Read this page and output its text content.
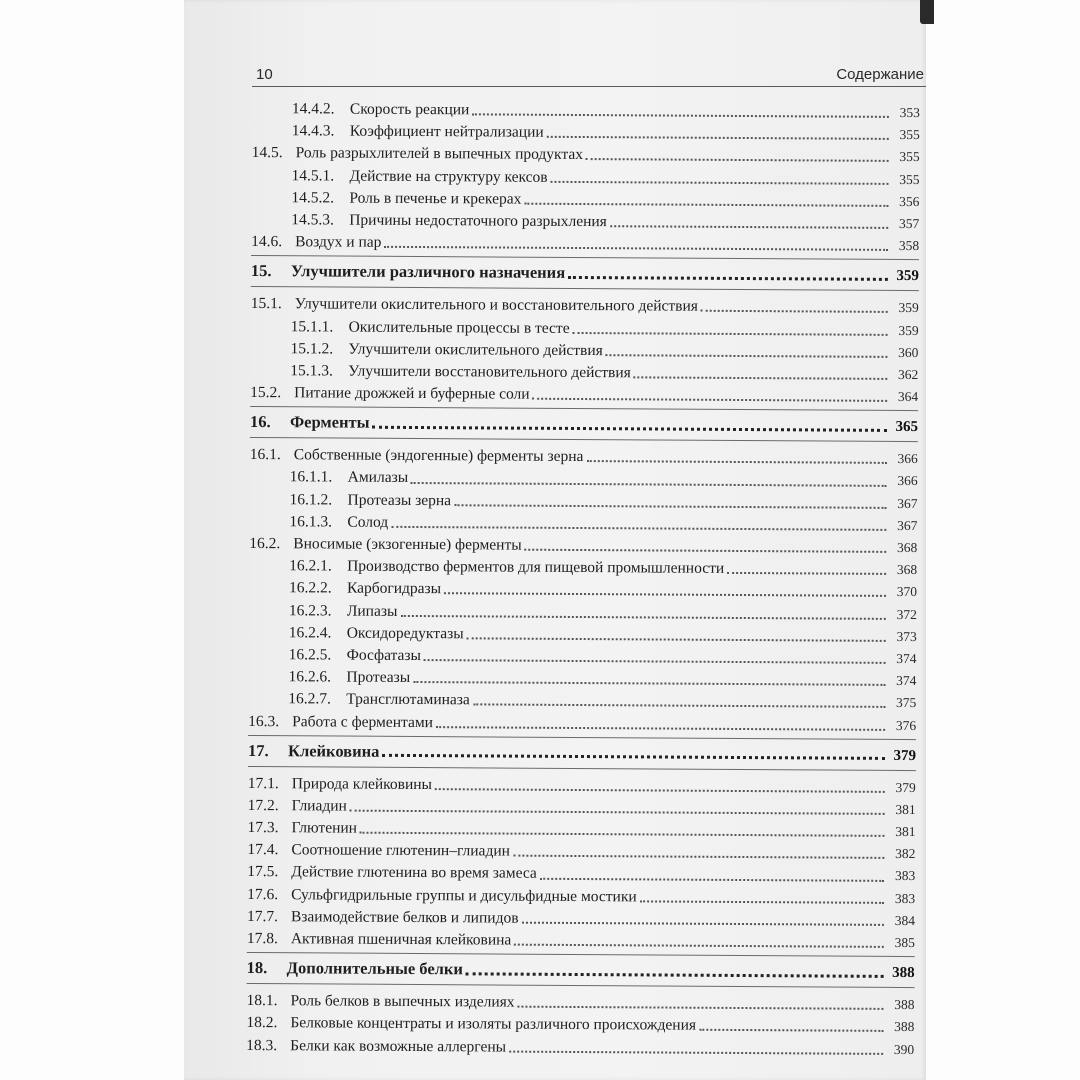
10	Содержание
14.4.2. Скорость реакции	353
14.4.3. Коэффициент нейтрализации	355
14.5. Роль разрыхлителей в выпечных продуктах	355
14.5.1. Действие на структуру кексов	355
14.5.2. Роль в печенье и крекерах	356
14.5.3. Причины недостаточного разрыхления	357
14.6. Воздух и пар	358
15.	Улучшители различного назначения	359
15.1. Улучшители окислительного и восстановительного действия	359
15.1.1. Окислительные процессы в тесте	359
15.1.2. Улучшители окислительного действия	360
15.1.3. Улучшители восстановительного действия	362
15.2. Питание дрожжей и буферные соли	364
16.	Ферменты	365
16.1. Собственные (эндогенные) ферменты зерна	366
16.1.1. Амилазы	366
16.1.2. Протеазы зерна	367
16.1.3. Солод	367
16.2. Вносимые (экзогенные) ферменты	368
16.2.1. Производство ферментов для пищевой промышленности	368
16.2.2. Карбогидразы	370
16.2.3. Липазы	372
16.2.4. Оксидоредуктазы	373
16.2.5. Фосфатазы	374
16.2.6. Протеазы	374
16.2.7. Трансглютаминаза	375
16.3. Работа с ферментами	376
17.	Клейковина	379
17.1. Природа клейковины	379
17.2. Глиадин	381
17.3. Глютенин	381
17.4. Соотношение глютенин–глиадин	382
17.5. Действие глютенина во время замеса	383
17.6. Сульфгидрильные группы и дисульфидные мостики	383
17.7. Взаимодействие белков и липидов	384
17.8. Активная пшеничная клейковина	385
18.	Дополнительные белки	388
18.1. Роль белков в выпечных изделиях	388
18.2. Белковые концентраты и изоляты различного происхождения	388
18.3. Белки как возможные аллергены	390
